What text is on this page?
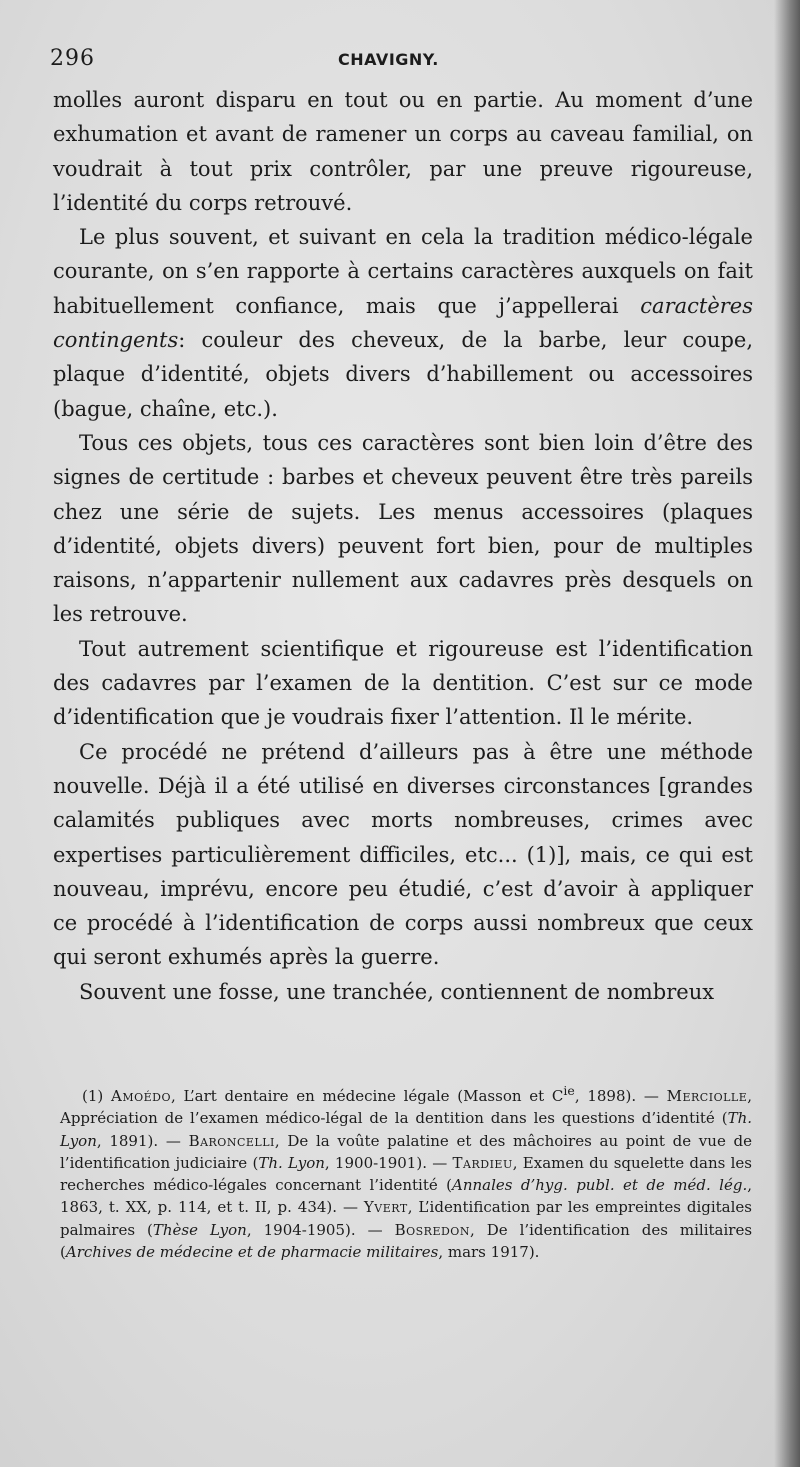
296	CHAVIGNY.

molles auront disparu en tout ou en partie. Au moment d’une exhumation et avant de ramener un corps au caveau familial, on voudrait à tout prix contrôler, par une preuve rigoureuse, l’identité du corps retrouvé.

Le plus souvent, et suivant en cela la tradition médico-légale courante, on s’en rapporte à certains caractères auxquels on fait habituellement confiance, mais que j’appellerai caractères contingents: couleur des cheveux, de la barbe, leur coupe, plaque d’identité, objets divers d’habillement ou accessoires (bague, chaîne, etc.).

Tous ces objets, tous ces caractères sont bien loin d’être des signes de certitude : barbes et cheveux peuvent être très pareils chez une série de sujets. Les menus accessoires (plaques d’identité, objets divers) peuvent fort bien, pour de multiples raisons, n’appartenir nullement aux cadavres près desquels on les retrouve.

Tout autrement scientifique et rigoureuse est l’identification des cadavres par l’examen de la dentition. C’est sur ce mode d’identification que je voudrais fixer l’attention. Il le mérite.

Ce procédé ne prétend d’ailleurs pas à être une méthode nouvelle. Déjà il a été utilisé en diverses circonstances [grandes calamités publiques avec morts nombreuses, crimes avec expertises particulièrement difficiles, etc... (1)], mais, ce qui est nouveau, imprévu, encore peu étudié, c’est d’avoir à appliquer ce procédé à l’identification de corps aussi nombreux que ceux qui seront exhumés après la guerre.

Souvent une fosse, une tranchée, contiennent de nombreux

(1) Amoédo, L’art dentaire en médecine légale (Masson et $C^{ie}$, 1898). — Merciolle, Appréciation de l’examen médico-légal de la dentition dans les questions d’identité (Th. Lyon, 1891). — Baroncelli, De la voûte palatine et des mâchoires au point de vue de l’identification judiciaire (Th. Lyon, 1900-1901). — Tardieu, Examen du squelette dans les recherches médico-légales concernant l’identité (Annales d’hyg. publ. et de méd. lég., 1863, t. XX, p. 114, et t. II, p. 434). — Yvert, L’identification par les empreintes digitales palmaires (Thèse Lyon, 1904-1905). — Bosredon, De l’identification des militaires (Archives de médecine et de pharmacie militaires, mars 1917).
